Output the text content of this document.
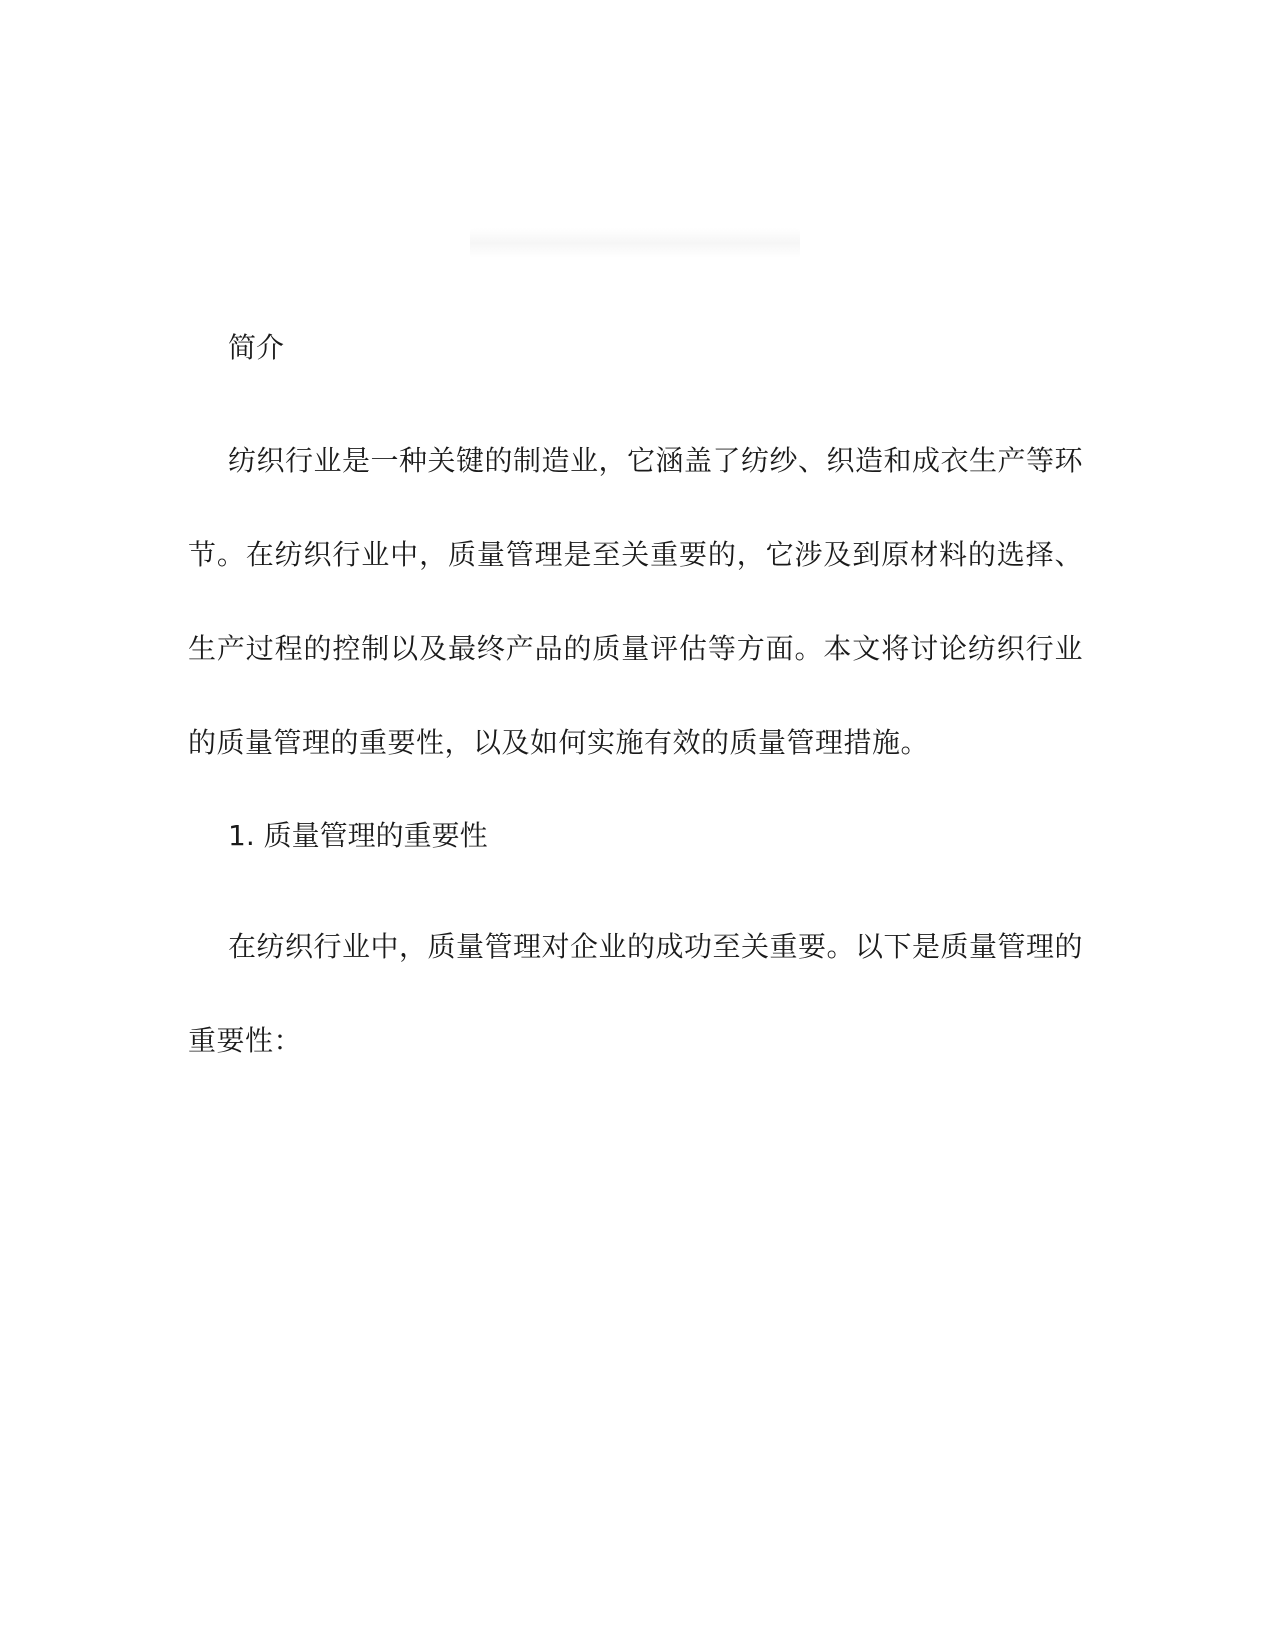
简介

纺织行业是一种关键的制造业，它涵盖了纺纱、织造和成衣生产等环节。在纺织行业中，质量管理是至关重要的，它涉及到原材料的选择、生产过程的控制以及最终产品的质量评估等方面。本文将讨论纺织行业的质量管理的重要性，以及如何实施有效的质量管理措施。

1. 质量管理的重要性

在纺织行业中，质量管理对企业的成功至关重要。以下是质量管理的重要性：
